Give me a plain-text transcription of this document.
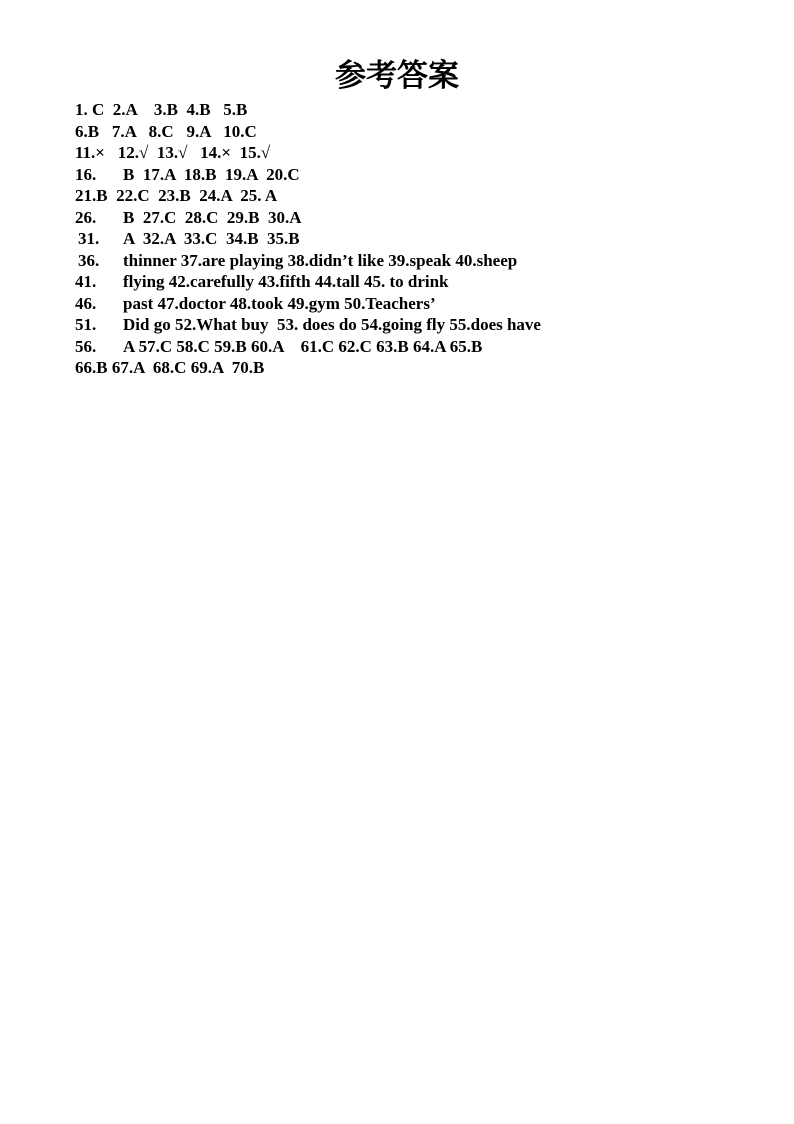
参考答案
1. C  2.A    3.B  4.B   5.B
6.B   7.A   8.C   9.A   10.C
11.×   12.√  13.√   14.×  15.√
16.	B  17.A  18.B  19.A  20.C
21.B  22.C  23.B  24.A  25. A
26.	B  27.C  28.C  29.B  30.A
31.	A  32.A  33.C  34.B  35.B
36.	thinner 37.are playing 38.didn’t like 39.speak 40.sheep
41.	flying 42.carefully 43.fifth 44.tall 45. to drink
46.	past 47.doctor 48.took 49.gym 50.Teachers’
51.	Did go 52.What buy  53. does do 54.going fly 55.does have
56.	A 57.C 58.C 59.B 60.A    61.C 62.C 63.B 64.A 65.B
66.B 67.A  68.C 69.A  70.B
